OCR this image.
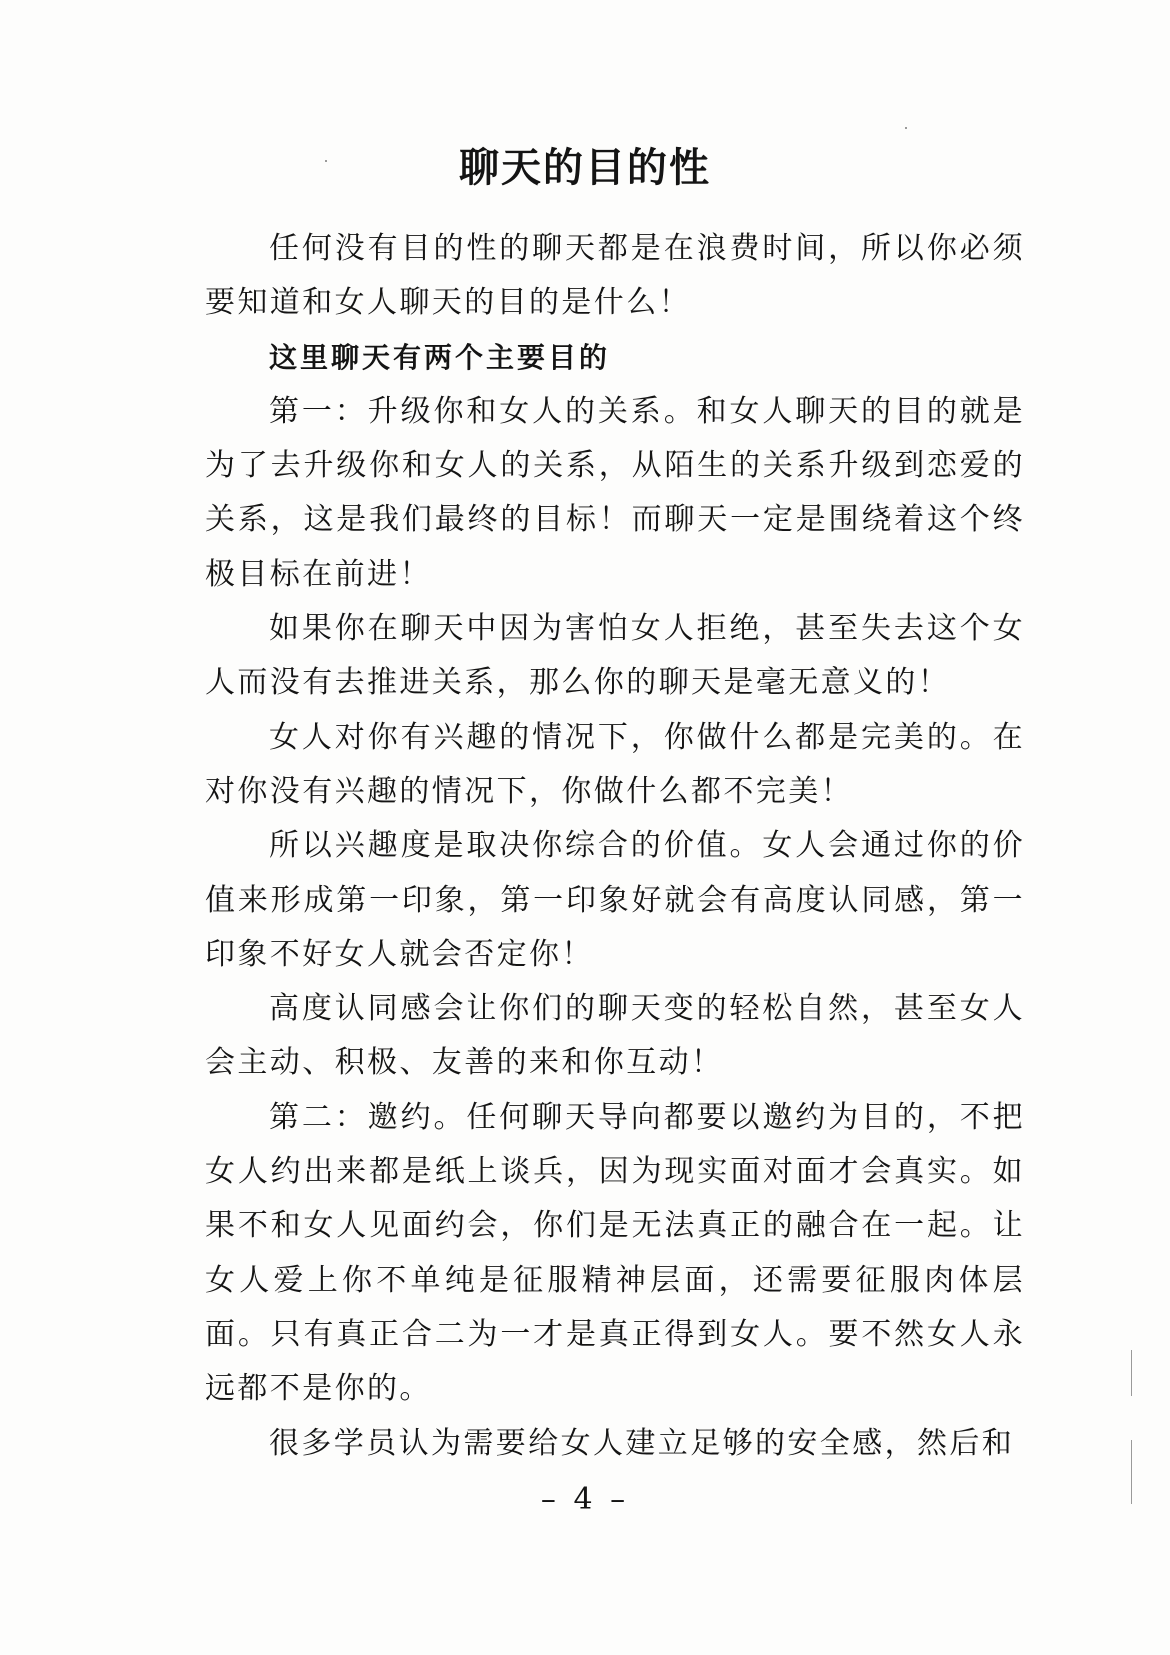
聊天的目的性

任何没有目的性的聊天都是在浪费时间，所以你必须要知道和女人聊天的目的是什么！

这里聊天有两个主要目的

第一：升级你和女人的关系。和女人聊天的目的就是为了去升级你和女人的关系，从陌生的关系升级到恋爱的关系，这是我们最终的目标！而聊天一定是围绕着这个终极目标在前进！

如果你在聊天中因为害怕女人拒绝，甚至失去这个女人而没有去推进关系，那么你的聊天是毫无意义的！

女人对你有兴趣的情况下，你做什么都是完美的。在对你没有兴趣的情况下，你做什么都不完美！

所以兴趣度是取决你综合的价值。女人会通过你的价值来形成第一印象，第一印象好就会有高度认同感，第一印象不好女人就会否定你！

高度认同感会让你们的聊天变的轻松自然，甚至女人会主动、积极、友善的来和你互动！

第二：邀约。任何聊天导向都要以邀约为目的，不把女人约出来都是纸上谈兵，因为现实面对面才会真实。如果不和女人见面约会，你们是无法真正的融合在一起。让女人爱上你不单纯是征服精神层面，还需要征服肉体层面。只有真正合二为一才是真正得到女人。要不然女人永远都不是你的。

很多学员认为需要给女人建立足够的安全感，然后和

– 4 –
